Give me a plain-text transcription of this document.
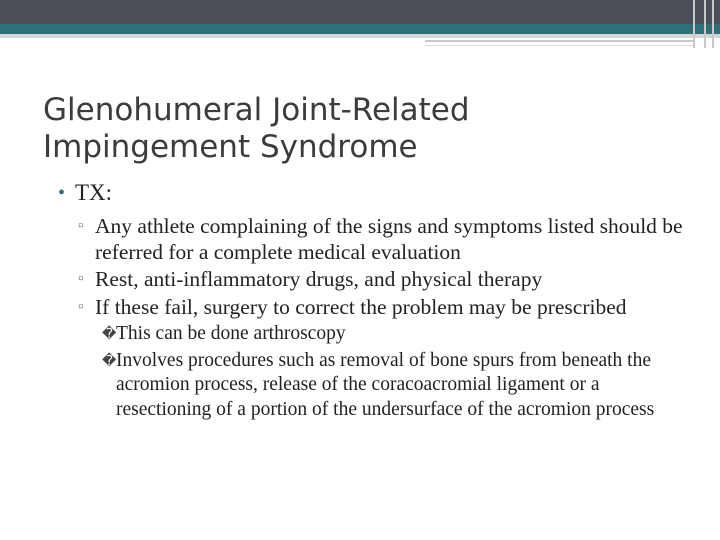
Glenohumeral Joint-Related
Impingement Syndrome
• TX:
▫ Any athlete complaining of the signs and symptoms listed should be referred for a complete medical evaluation
▫ Rest, anti-inflammatory drugs, and physical therapy
▫ If these fail, surgery to correct the problem may be prescribed
� This can be done arthroscopy
� Involves procedures such as removal of bone spurs from beneath the acromion process, release of the coracoacromial ligament or a resectioning of a portion of the undersurface of the acromion process
